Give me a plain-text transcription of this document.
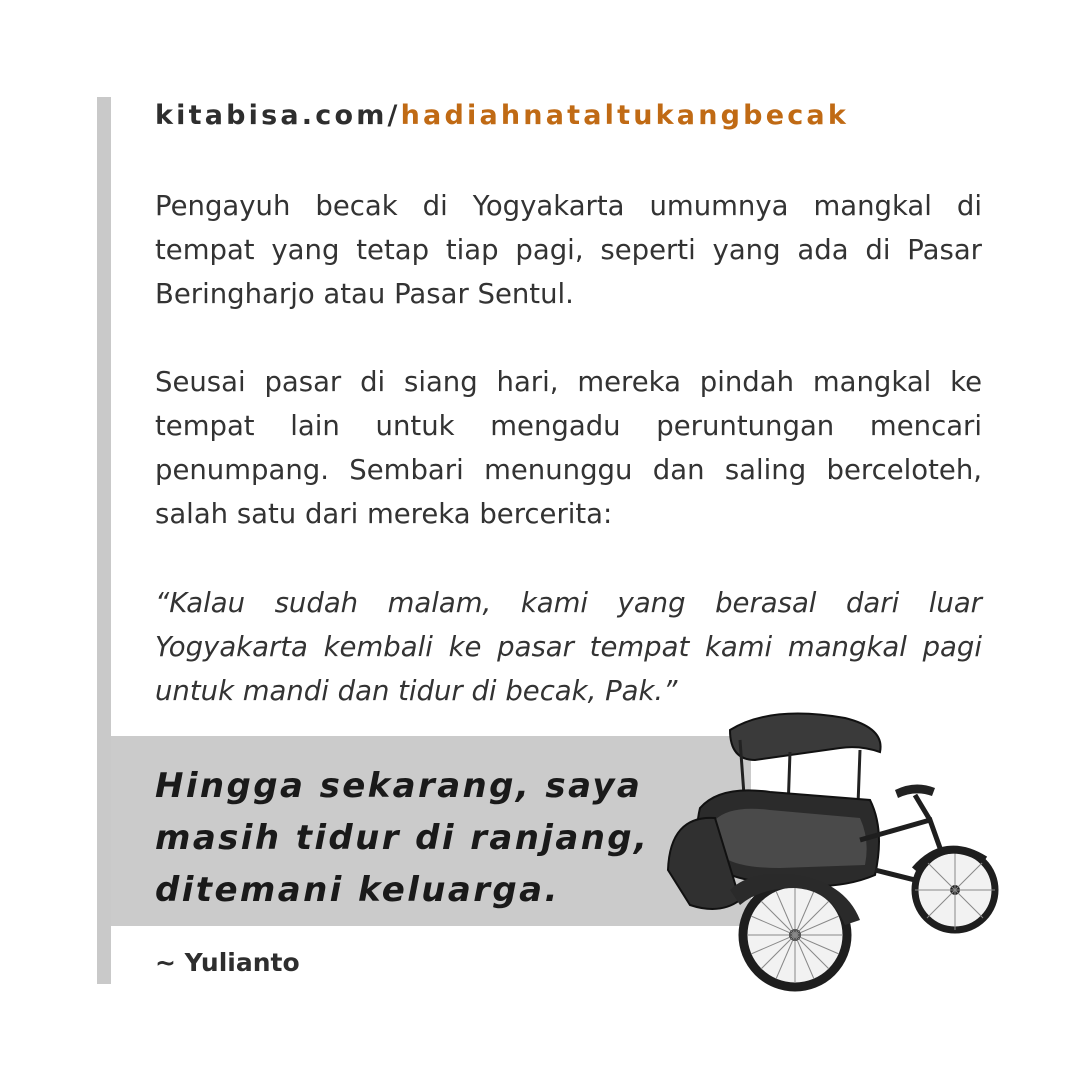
kitabisa.com/hadiahnataltukangbecak

Pengayuh becak di Yogyakarta umumnya mangkal di tempat yang tetap tiap pagi, seperti yang ada di Pasar Beringharjo atau Pasar Sentul.

Seusai pasar di siang hari, mereka pindah mangkal ke tempat lain untuk mengadu peruntungan mencari penumpang. Sembari menunggu dan saling berceloteh, salah satu dari mereka bercerita:

“Kalau sudah malam, kami yang berasal dari luar Yogyakarta kembali ke pasar tempat kami mangkal pagi untuk mandi dan tidur di becak, Pak.”

Hingga sekarang, saya
masih tidur di ranjang,
ditemani keluarga.

~ Yulianto
